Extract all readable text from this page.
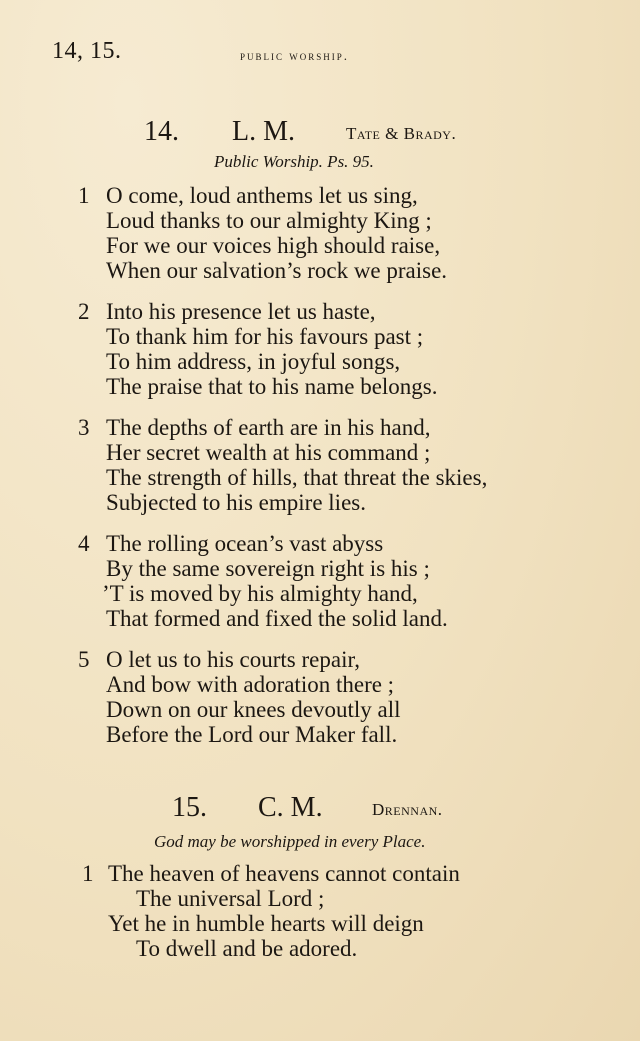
14, 15.	public worship.
14. L. M.	Tate & Brady.
Public Worship. Ps. 95.
1 O come, loud anthems let us sing,
Loud thanks to our almighty King ;
For we our voices high should raise,
When our salvation’s rock we praise.
2 Into his presence let us haste,
To thank him for his favours past ;
To him address, in joyful songs,
The praise that to his name belongs.
3 The depths of earth are in his hand,
Her secret wealth at his command ;
The strength of hills, that threat the skies,
Subjected to his empire lies.
4 The rolling ocean’s vast abyss
By the same sovereign right is his ;
’T is moved by his almighty hand,
That formed and fixed the solid land.
5 O let us to his courts repair,
And bow with adoration there ;
Down on our knees devoutly all
Before the Lord our Maker fall.
15. C. M.	Drennan.
God may be worshipped in every Place.
1 The heaven of heavens cannot contain
The universal Lord ;
Yet he in humble hearts will deign
To dwell and be adored.
